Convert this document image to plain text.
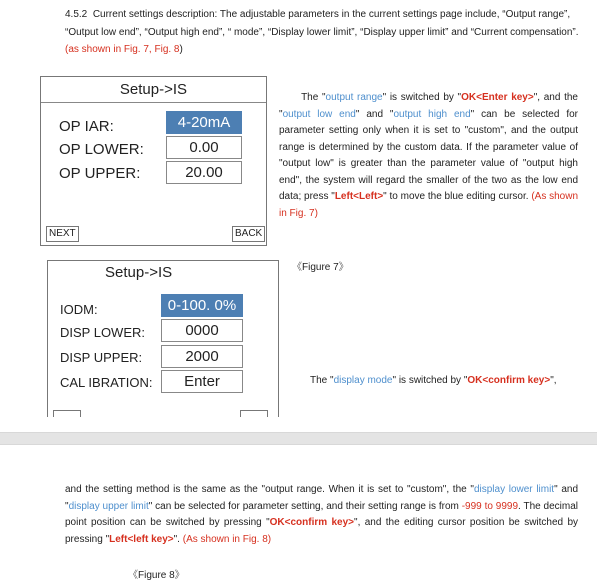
4.5.2 Current settings description: The adjustable parameters in the current settings page include, “Output range”, “Output low end”, “Output high end”, “ mode”, “Display lower limit”, “Display upper limit” and “Current compensation”. (as shown in Fig. 7, Fig. 8)

Setup->IS
OP IAR:	4-20mA
OP LOWER:	0.00
OP UPPER:	20.00
NEXT	BACK

The "output range" is switched by "OK<Enter key>", and the "output low end" and "output high end" can be selected for parameter setting only when it is set to "custom", and the output range is determined by the custom data. If the parameter value of "output low" is greater than the parameter value of "output high end", the system will regard the smaller of the two as the low end data; press "Left<Left>" to move the blue editing cursor. (As shown in Fig. 7)

《Figure 7》
Setup->IS
IODM:	0-100. 0%
DISP LOWER:	0000
DISP UPPER:	2000
CAL IBRATION:	Enter	The "display mode" is switched by "OK<confirm key>",

and the setting method is the same as the "output range. When it is set to "custom", the "display lower limit" and "display upper limit" can be selected for parameter setting, and their setting range is from -999 to 9999. The decimal point position can be switched by pressing "OK<confirm key>", and the editing cursor position be switched by pressing "Left<left key>". (As shown in Fig. 8)

《Figure 8》
